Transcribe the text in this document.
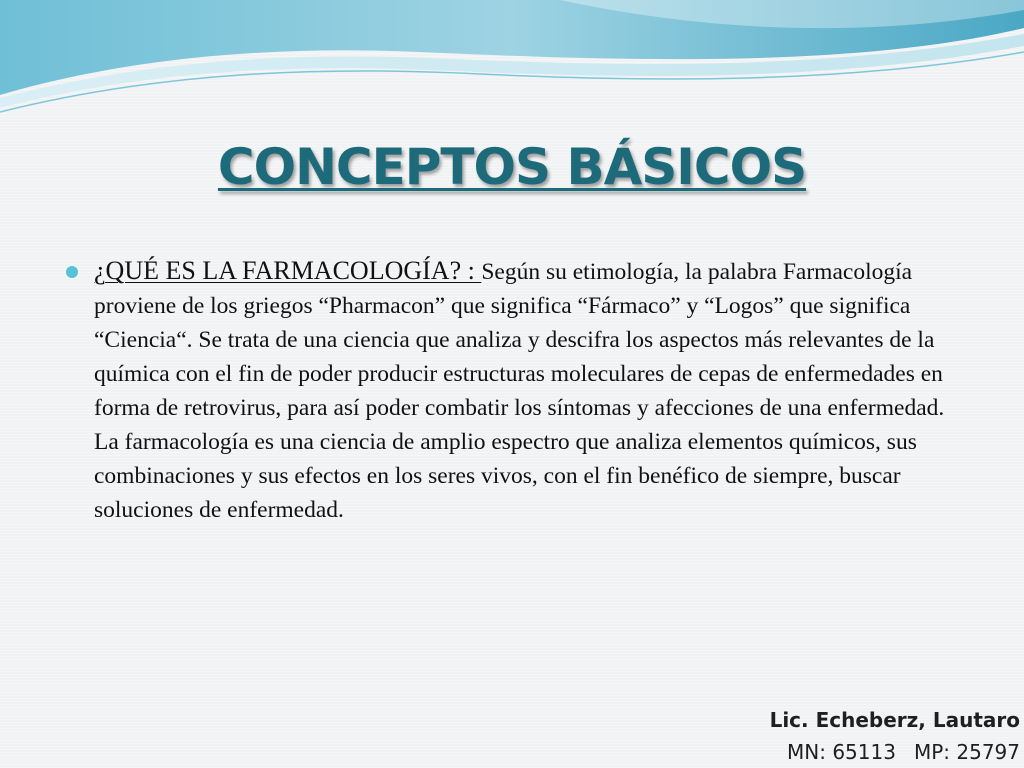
CONCEPTOS BÁSICOS

¿QUÉ ES LA FARMACOLOGÍA? : Según su etimología, la palabra Farmacología proviene de los griegos “Pharmacon” que significa “Fármaco” y “Logos” que significa “Ciencia“. Se trata de una ciencia que analiza y descifra los aspectos más relevantes de la química con el fin de poder producir estructuras moleculares de cepas de enfermedades en forma de retrovirus, para así poder combatir los síntomas y afecciones de una enfermedad. La farmacología es una ciencia de amplio espectro que analiza elementos químicos, sus combinaciones y sus efectos en los seres vivos, con el fin benéfico de siempre, buscar soluciones de enfermedad.

Lic. Echeberz, Lautaro
MN: 65113 MP: 25797
